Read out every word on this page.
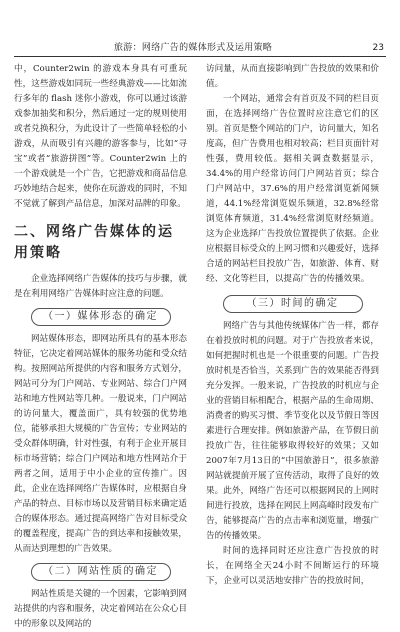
旅游：网络广告的媒体形式及运用策略	23

中，Counter2win 的游戏本身具有可重玩性，这些游戏如同玩一些经典游戏——比如流行多年的 flash 迷你小游戏，你可以通过该游戏参加抽奖和积分，然后通过一定的规则使用或者兑换积分，为此设计了一些简单轻松的小游戏，从而吸引有兴趣的游客参与，比如“寻宝”或者“旅游拼图”等。Counter2win 上的一个游戏就是一个广告，它把游戏和商品信息巧妙地结合起来，使你在玩游戏的同时，不知不觉就了解到产品信息，加深对品牌的印象。

二、网络广告媒体的运用策略

企业选择网络广告媒体的技巧与步骤，就是在利用网络广告媒体时应注意的问题。

（一）媒体形态的确定

网站媒体形态，即网站所具有的基本形态特征，它决定着网站媒体的服务功能和受众结构。按照网站所提供的内容和服务方式划分，网站可分为门户网站、专业网站、综合门户网站和地方性网站等几种。一般说来，门户网站的访问量大，覆盖面广，具有较强的优势地位，能够承担大规模的广告宣传；专业网站的受众群体明确，针对性强，有利于企业开展目标市场营销；综合门户网站和地方性网站介于两者之间，适用于中小企业的宣传推广。因此，企业在选择网络广告媒体时，应根据自身产品的特点、目标市场以及营销目标来确定适合的媒体形态。通过提高网络广告对目标受众的覆盖程度，提高广告的到达率和接触效果，从而达到理想的广告效果。

（二）网站性质的确定

网站性质是关键的一个因素，它影响到网站提供的内容和服务，决定着网站在公众心目中的形象以及网站的

访问量，从而直接影响到广告投放的效果和价值。

一个网站，通常会有首页及不同的栏目页面，在选择网络广告位置时应注意它们的区别。首页是整个网站的门户，访问量大，知名度高，但广告费用也相对较高；栏目页面针对性强，费用较低。据相关调查数据显示，34.4%的用户经常访问门户网站首页；综合门户网站中，37.6%的用户经常浏览新闻频道，44.1%经常浏览娱乐频道，32.8%经常浏览体育频道，31.4%经常浏览财经频道。这为企业选择广告投放位置提供了依据。企业应根据目标受众的上网习惯和兴趣爱好，选择合适的网站栏目投放广告，如旅游、体育、财经、文化等栏目，以提高广告的传播效果。

（三）时间的确定

网络广告与其他传统媒体广告一样，都存在着投放时机的问题。对于广告投放者来说，如何把握时机也是一个很重要的问题。广告投放时机是否恰当，关系到广告的效果能否得到充分发挥。一般来说，广告投放的时机应与企业的营销目标相配合，根据产品的生命周期、消费者的购买习惯、季节变化以及节假日等因素进行合理安排。例如旅游产品，在节假日前投放广告，往往能够取得较好的效果；又如2007年7月13日的“中国旅游日”，很多旅游网站就提前开展了宣传活动，取得了良好的效果。此外，网络广告还可以根据网民的上网时间进行投放，选择在网民上网高峰时段发布广告，能够提高广告的点击率和浏览量，增强广告的传播效果。

时间的选择同时还应注意广告投放的时长，在网络全天24小时不间断运行的环境下，企业可以灵活地安排广告的投放时间，
